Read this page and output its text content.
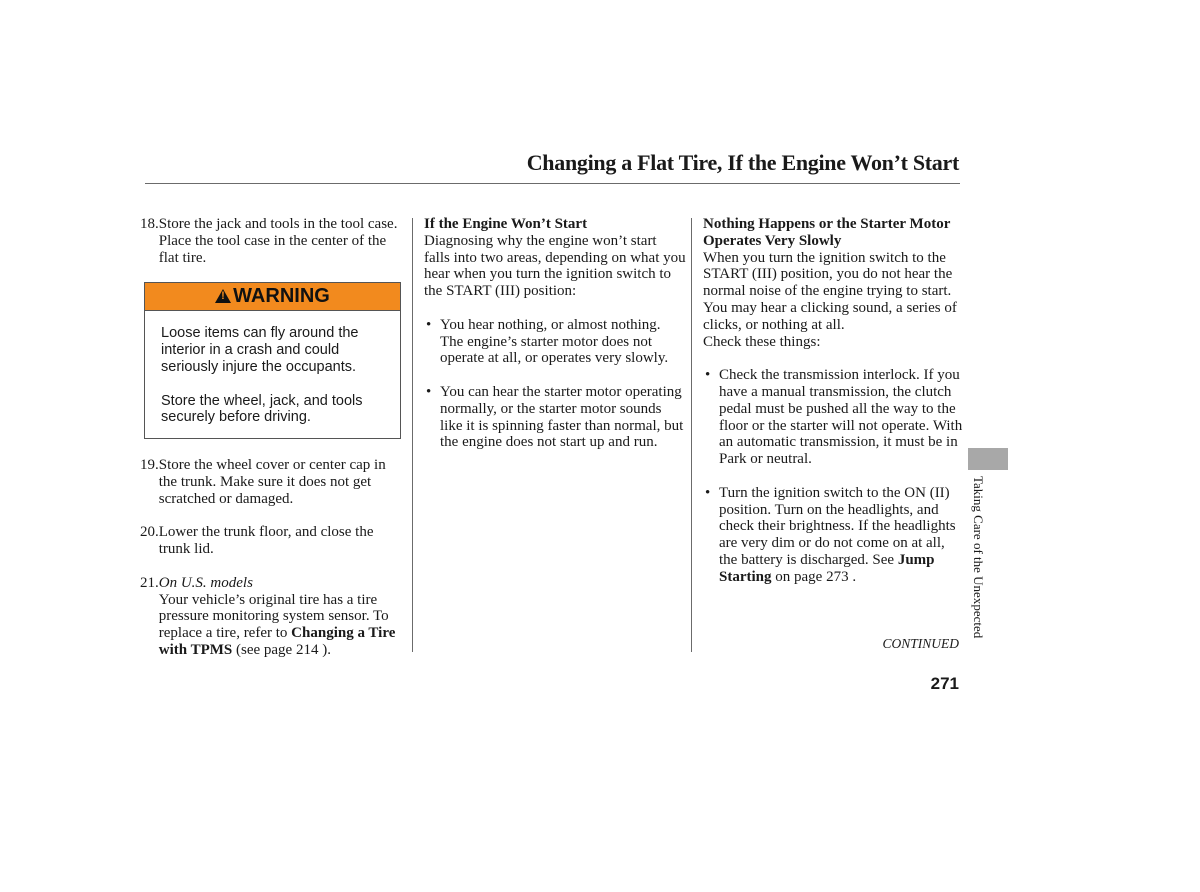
Changing a Flat Tire, If the Engine Won’t Start
18. Store the jack and tools in the tool case. Place the tool case in the center of the flat tire.
!
WARNING

Loose items can fly around the interior in a crash and could seriously injure the occupants.

Store the wheel, jack, and tools securely before driving.

19. Store the wheel cover or center cap in the trunk. Make sure it does not get scratched or damaged.
20. Lower the trunk floor, and close the trunk lid.
21. On U.S. models
Your vehicle’s original tire has a tire pressure monitoring system sensor. To replace a tire, refer to Changing a Tire with TPMS (see page 214 ).

If the Engine Won’t Start

Diagnosing why the engine won’t start falls into two areas, depending on what you hear when you turn the ignition switch to the START (III) position:

• You hear nothing, or almost nothing. The engine’s starter motor does not operate at all, or operates very slowly.
• You can hear the starter motor operating normally, or the starter motor sounds like it is spinning faster than normal, but the engine does not start up and run.

Nothing Happens or the Starter Motor Operates Very Slowly

When you turn the ignition switch to the START (III) position, you do not hear the normal noise of the engine trying to start. You may hear a clicking sound, a series of clicks, or nothing at all.

Check these things:

• Check the transmission interlock. If you have a manual transmission, the clutch pedal must be pushed all the way to the floor or the starter will not operate. With an automatic transmission, it must be in Park or neutral.
• Turn the ignition switch to the ON (II) position. Turn on the headlights, and check their brightness. If the headlights are very dim or do not come on at all, the battery is discharged. See Jump Starting on page 273 .
CONTINUED
271
Taking Care of the Unexpected
